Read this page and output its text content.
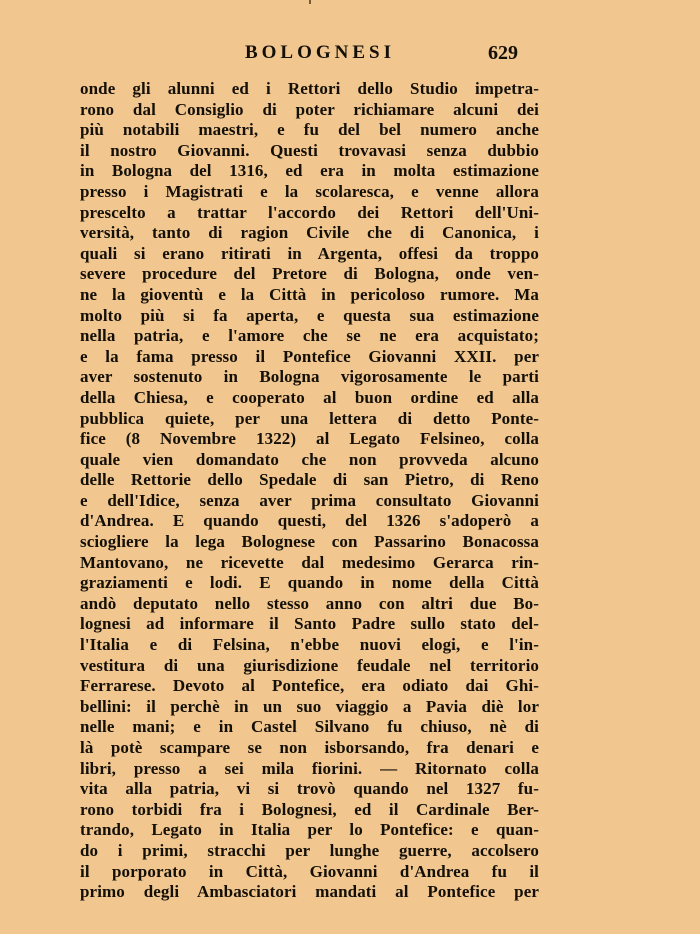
BOLOGNESI	629
onde gli alunni ed i Rettori dello Studio impetra-
rono dal Consiglio di poter richiamare alcuni dei
più notabili maestri, e fu del bel numero anche
il nostro Giovanni. Questi trovavasi senza dubbio
in Bologna del 1316, ed era in molta estimazione
presso i Magistrati e la scolaresca, e venne allora
prescelto a trattar l'accordo dei Rettori dell'Uni-
versità, tanto di ragion Civile che di Canonica, i
quali si erano ritirati in Argenta, offesi da troppo
severe procedure del Pretore di Bologna, onde ven-
ne la gioventù e la Città in pericoloso rumore. Ma
molto più si fa aperta, e questa sua estimazione
nella patria, e l'amore che se ne era acquistato;
e la fama presso il Pontefice Giovanni XXII. per
aver sostenuto in Bologna vigorosamente le parti
della Chiesa, e cooperato al buon ordine ed alla
pubblica quiete, per una lettera di detto Ponte-
fice (8 Novembre 1322) al Legato Felsineo, colla
quale vien domandato che non provveda alcuno
delle Rettorie dello Spedale di san Pietro, di Reno
e dell'Idice, senza aver prima consultato Giovanni
d'Andrea. E quando questi, del 1326 s'adoperò a
sciogliere la lega Bolognese con Passarino Bonacossa
Mantovano, ne ricevette dal medesimo Gerarca rin-
graziamenti e lodi. E quando in nome della Città
andò deputato nello stesso anno con altri due Bo-
lognesi ad informare il Santo Padre sullo stato del-
l'Italia e di Felsina, n'ebbe nuovi elogi, e l'in-
vestitura di una giurisdizione feudale nel territorio
Ferrarese. Devoto al Pontefice, era odiato dai Ghi-
bellini: il perchè in un suo viaggio a Pavia diè lor
nelle mani; e in Castel Silvano fu chiuso, nè di
là potè scampare se non isborsando, fra denari e
libri, presso a sei mila fiorini. — Ritornato colla
vita alla patria, vi si trovò quando nel 1327 fu-
rono torbidi fra i Bolognesi, ed il Cardinale Ber-
trando, Legato in Italia per lo Pontefice: e quan-
do i primi, stracchi per lunghe guerre, accolsero
il porporato in Città, Giovanni d'Andrea fu il
primo degli Ambasciatori mandati al Pontefice per
